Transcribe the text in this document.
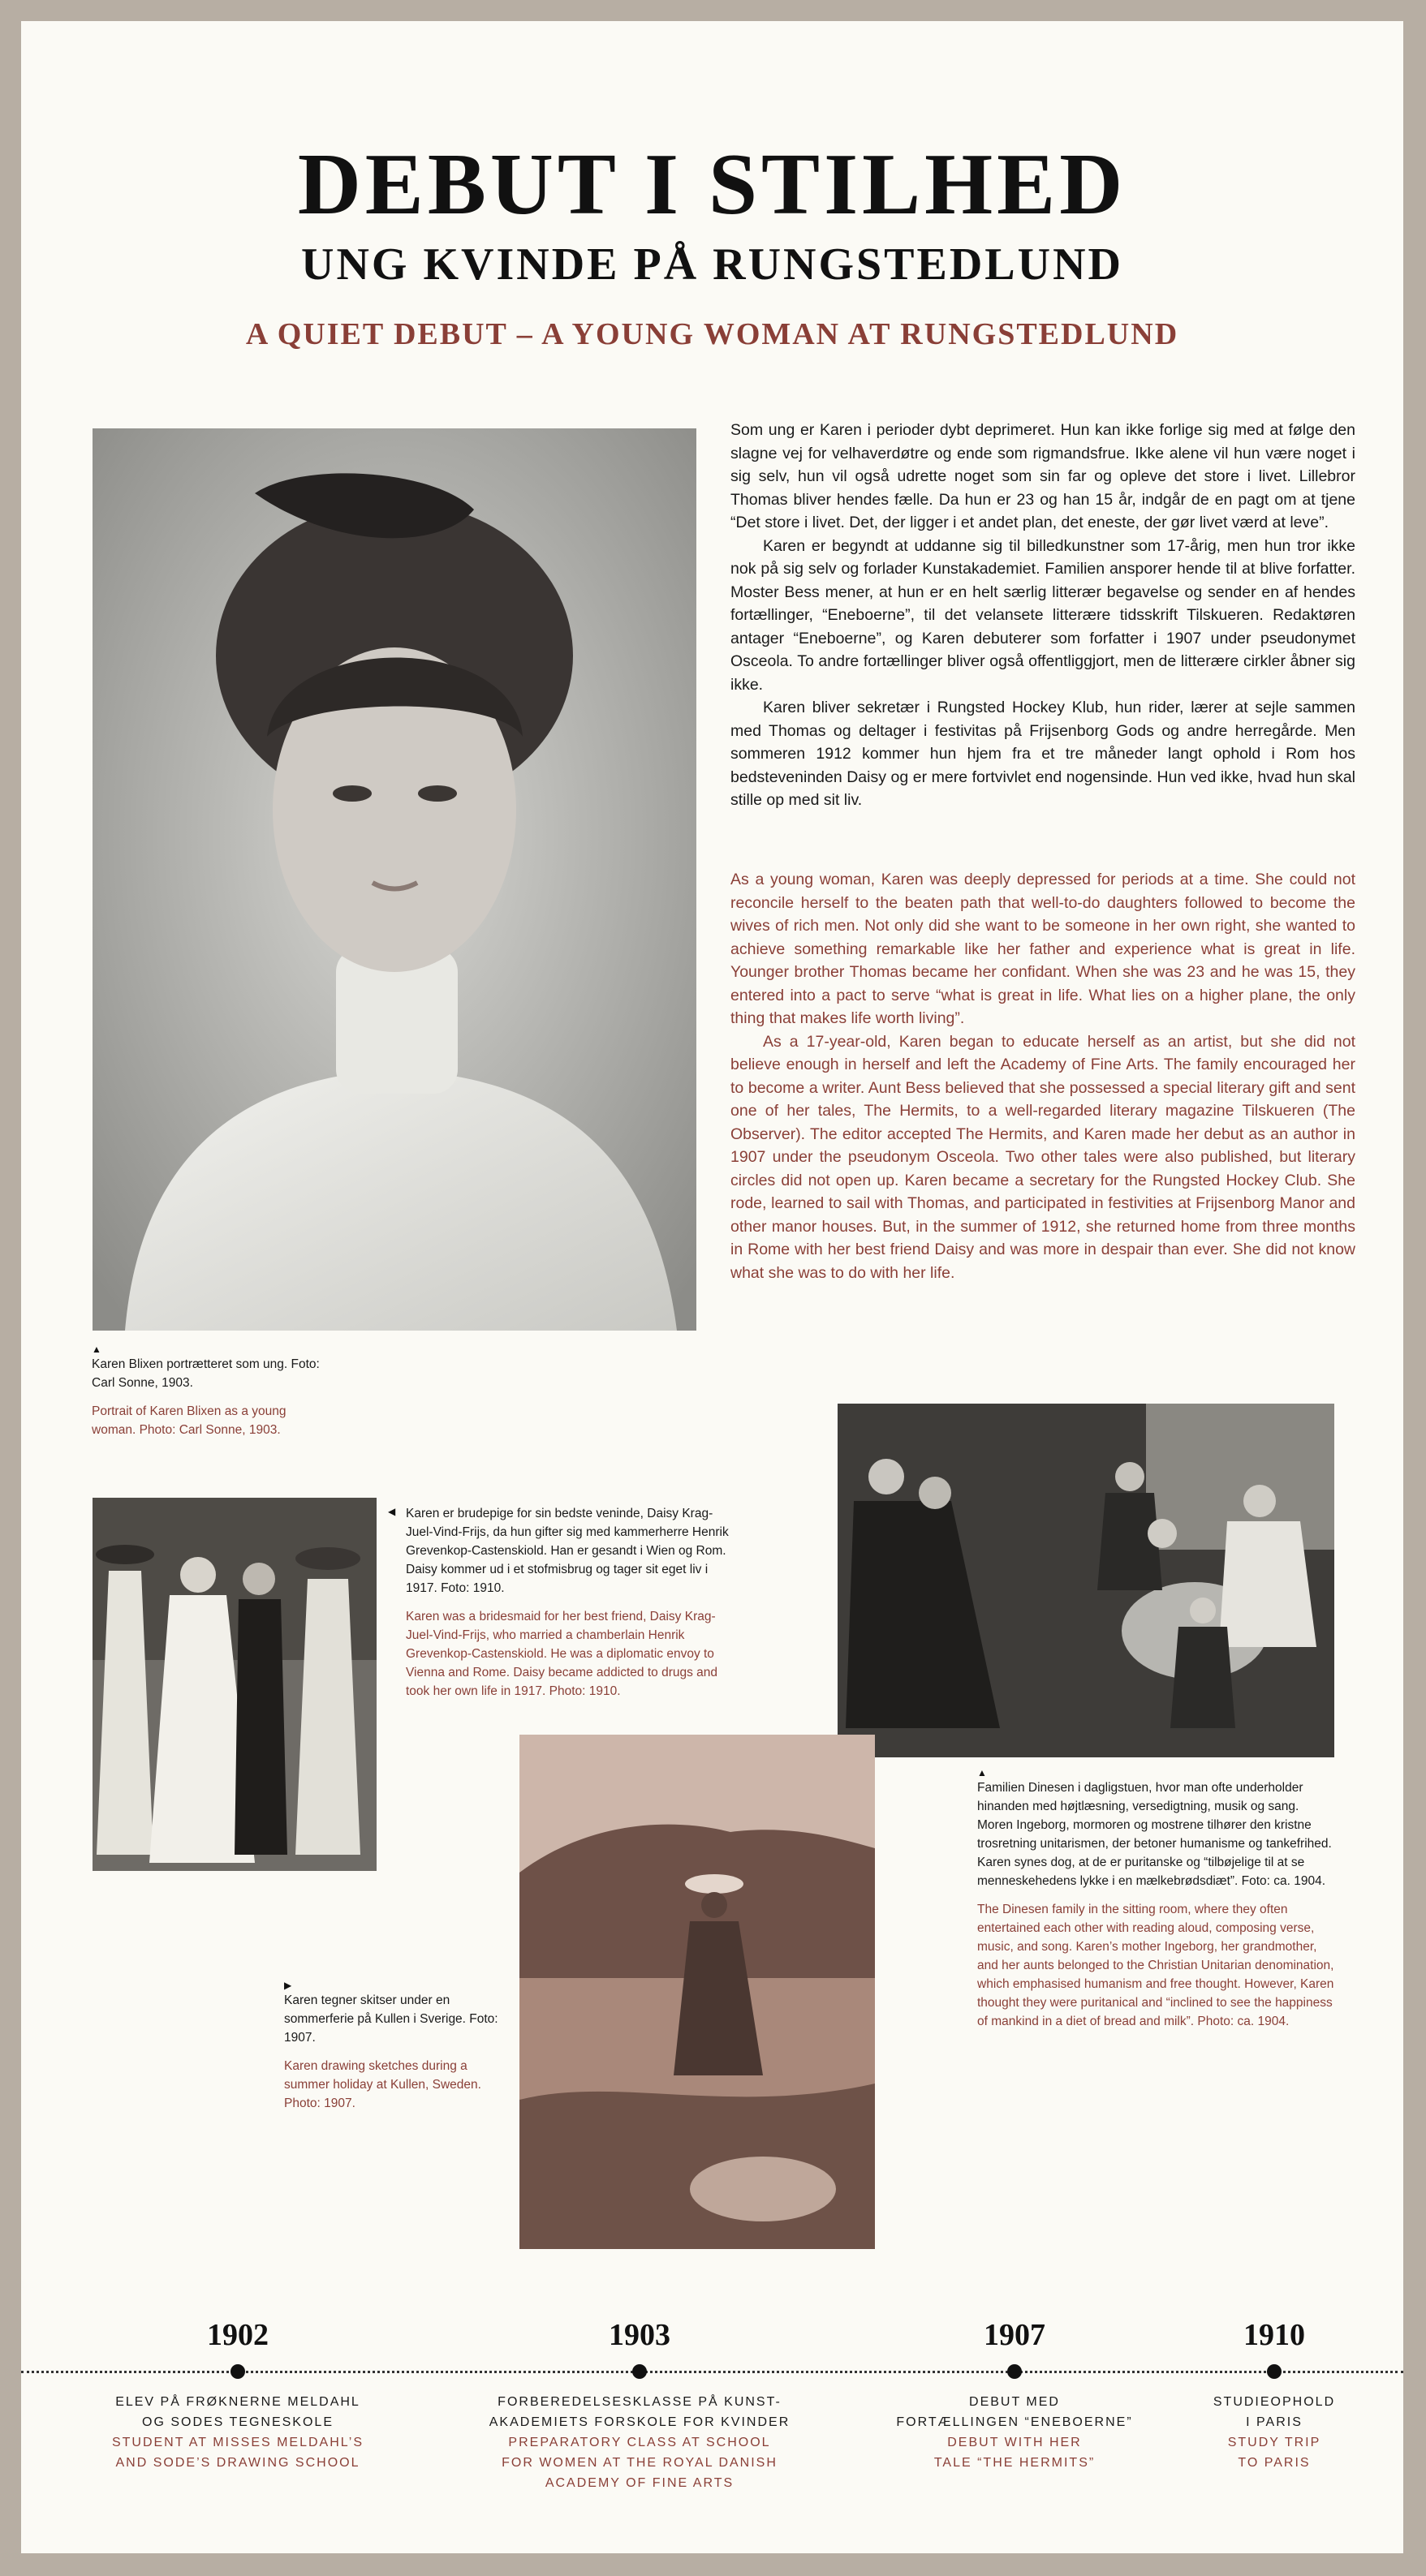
DEBUT I STILHED
UNG KVINDE PÅ RUNGSTEDLUND
A QUIET DEBUT – A YOUNG WOMAN AT RUNGSTEDLUND
▲

Karen Blixen portrætteret som ung. Foto: Carl Sonne, 1903.

Portrait of Karen Blixen as a young woman. Photo: Carl Sonne, 1903.

Som ung er Karen i perioder dybt deprimeret. Hun kan ikke forlige sig med at følge den slagne vej for velhaverdøtre og ende som rigmandsfrue. Ikke alene vil hun være noget i sig selv, hun vil også udrette noget som sin far og opleve det store i livet. Lillebror Thomas bliver hendes fælle. Da hun er 23 og han 15 år, indgår de en pagt om at tjene “Det store i livet. Det, der ligger i et andet plan, det eneste, der gør livet værd at leve”.

Karen er begyndt at uddanne sig til billedkunstner som 17-årig, men hun tror ikke nok på sig selv og forlader Kunstakademiet. Familien ansporer hende til at blive forfatter. Moster Bess mener, at hun er en helt særlig litterær begavelse og sender en af hendes fortællinger, “Eneboerne”, til det velansete litterære tidsskrift Tilskueren. Redaktøren antager “Eneboerne”, og Karen debuterer som forfatter i 1907 under pseudonymet Osceola. To andre fortællinger bliver også offentliggjort, men de litterære cirkler åbner sig ikke.

Karen bliver sekretær i Rungsted Hockey Klub, hun rider, lærer at sejle sammen med Thomas og deltager i festivitas på Frijsenborg Gods og andre herregårde. Men sommeren 1912 kommer hun hjem fra et tre måneder langt ophold i Rom hos bedsteveninden Daisy og er mere fortvivlet end nogensinde. Hun ved ikke, hvad hun skal stille op med sit liv.

As a young woman, Karen was deeply depressed for periods at a time. She could not reconcile herself to the beaten path that well-to-do daughters followed to become the wives of rich men. Not only did she want to be someone in her own right, she wanted to achieve something remarkable like her father and experience what is great in life. Younger brother Thomas became her confidant. When she was 23 and he was 15, they entered into a pact to serve “what is great in life. What lies on a higher plane, the only thing that makes life worth living”.

As a 17-year-old, Karen began to educate herself as an artist, but she did not believe enough in herself and left the Academy of Fine Arts. The family encouraged her to become a writer. Aunt Bess believed that she possessed a special literary gift and sent one of her tales, The Hermits, to a well-regarded literary magazine Tilskueren (The Observer). The editor accepted The Hermits, and Karen made her debut as an author in 1907 under the pseudonym Osceola. Two other tales were also published, but literary circles did not open up. Karen became a secretary for the Rungsted Hockey Club. She rode, learned to sail with Thomas, and participated in festivities at Frijsenborg Manor and other manor houses. But, in the summer of 1912, she returned home from three months in Rome with her best friend Daisy and was more in despair than ever. She did not know what she was to do with her life.

◀ Karen er brudepige for sin bedste veninde, Daisy Krag-Juel-Vind-Frijs, da hun gifter sig med kammerherre Henrik Grevenkop-Castenskiold. Han er gesandt i Wien og Rom. Daisy kommer ud i et stofmisbrug og tager sit eget liv i 1917. Foto: 1910.

Karen was a bridesmaid for her best friend, Daisy Krag-Juel-Vind-Frijs, who married a chamberlain Henrik Grevenkop-Castenskiold. He was a diplomatic envoy to Vienna and Rome. Daisy became addicted to drugs and took her own life in 1917. Photo: 1910.

▲

Familien Dinesen i dagligstuen, hvor man ofte underholder hinanden med højtlæsning, versedigtning, musik og sang. Moren Ingeborg, mormoren og mostrene tilhører den kristne trosretning unitarismen, der betoner humanisme og tankefrihed. Karen synes dog, at de er puritanske og “tilbøjelige til at se menneskehedens lykke i en mælkebrødsdiæt”. Foto: ca. 1904.

The Dinesen family in the sitting room, where they often entertained each other with reading aloud, composing verse, music, and song. Karen’s mother Ingeborg, her grandmother, and her aunts belonged to the Christian Unitarian denomination, which emphasised humanism and free thought. However, Karen thought they were puritanical and “inclined to see the happiness of mankind in a diet of bread and milk”. Photo: ca. 1904.

▶

Karen tegner skitser under en sommerferie på Kullen i Sverige. Foto: 1907.

Karen drawing sketches during a summer holiday at Kullen, Sweden. Photo: 1907.

1902
ELEV PÅ FRØKNERNE MELDAHL
OG SODES TEGNESKOLE
STUDENT AT MISSES MELDAHL’S
AND SODE’S DRAWING SCHOOL
1903
FORBEREDELSESKLASSE PÅ KUNST-
AKADEMIETS FORSKOLE FOR KVINDER
PREPARATORY CLASS AT SCHOOL
FOR WOMEN AT THE ROYAL DANISH
ACADEMY OF FINE ARTS
1907
DEBUT MED
FORTÆLLINGEN “ENEBOERNE”
DEBUT WITH HER
TALE “THE HERMITS”
1910
STUDIEOPHOLD
I PARIS
STUDY TRIP
TO PARIS
